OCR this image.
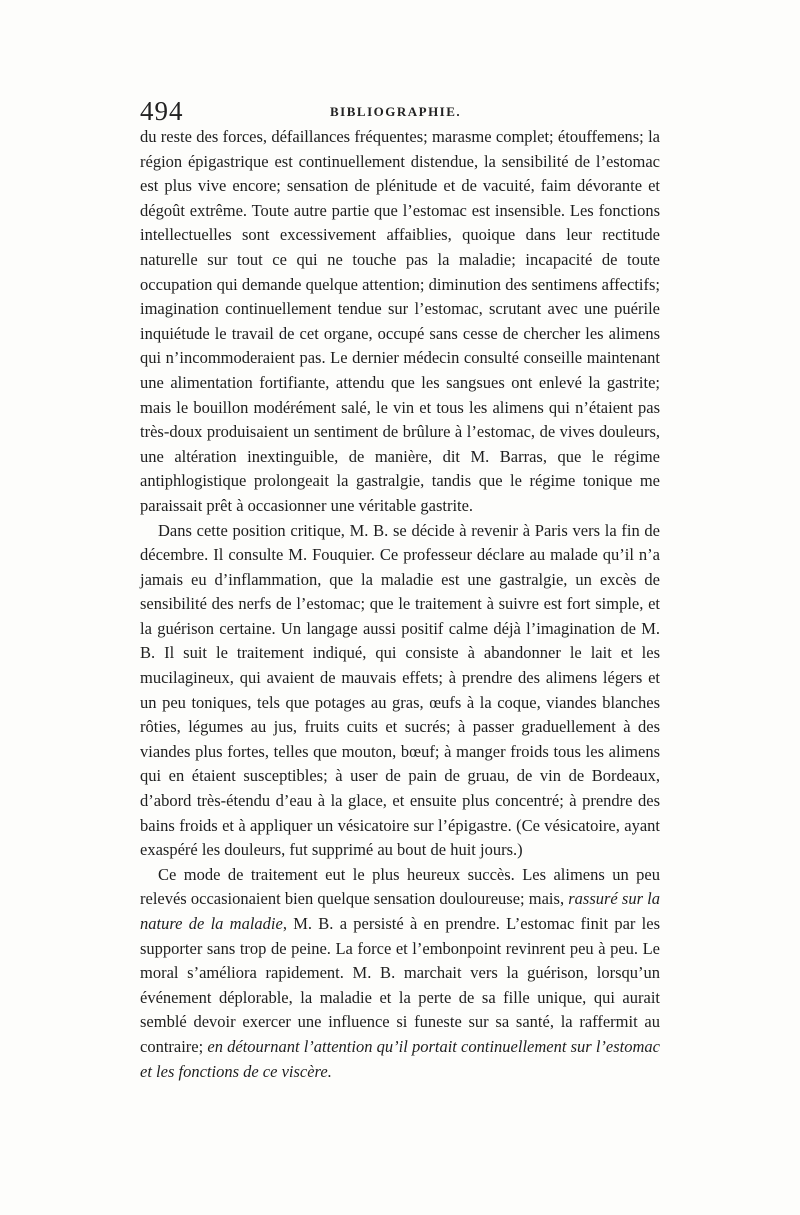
494	BIBLIOGRAPHIE.

du reste des forces, défaillances fréquentes; marasme complet; étouffemens; la région épigastrique est continuellement distendue, la sensibilité de l’estomac est plus vive encore; sensation de plénitude et de vacuité, faim dévorante et dégoût extrême. Toute autre partie que l’estomac est insensible. Les fonctions intellectuelles sont excessivement affaiblies, quoique dans leur rectitude naturelle sur tout ce qui ne touche pas la maladie; incapacité de toute occupation qui demande quelque attention; diminution des sentimens affectifs; imagination continuellement tendue sur l’estomac, scrutant avec une puérile inquiétude le travail de cet organe, occupé sans cesse de chercher les alimens qui n’incommoderaient pas. Le dernier médecin consulté conseille maintenant une alimentation fortifiante, attendu que les sangsues ont enlevé la gastrite; mais le bouillon modérément salé, le vin et tous les alimens qui n’étaient pas très-doux produisaient un sentiment de brûlure à l’estomac, de vives douleurs, une altération inextinguible, de manière, dit M. Barras, que le régime antiphlogistique prolongeait la gastralgie, tandis que le régime tonique me paraissait prêt à occasionner une véritable gastrite.

Dans cette position critique, M. B. se décide à revenir à Paris vers la fin de décembre. Il consulte M. Fouquier. Ce professeur déclare au malade qu’il n’a jamais eu d’inflammation, que la maladie est une gastralgie, un excès de sensibilité des nerfs de l’estomac; que le traitement à suivre est fort simple, et la guérison certaine. Un langage aussi positif calme déjà l’imagination de M. B. Il suit le traitement indiqué, qui consiste à abandonner le lait et les mucilagineux, qui avaient de mauvais effets; à prendre des alimens légers et un peu toniques, tels que potages au gras, œufs à la coque, viandes blanches rôties, légumes au jus, fruits cuits et sucrés; à passer graduellement à des viandes plus fortes, telles que mouton, bœuf; à manger froids tous les alimens qui en étaient susceptibles; à user de pain de gruau, de vin de Bordeaux, d’abord très-étendu d’eau à la glace, et ensuite plus concentré; à prendre des bains froids et à appliquer un vésicatoire sur l’épigastre. (Ce vésicatoire, ayant exaspéré les douleurs, fut supprimé au bout de huit jours.)

Ce mode de traitement eut le plus heureux succès. Les alimens un peu relevés occasionaient bien quelque sensation douloureuse; mais, rassuré sur la nature de la maladie, M. B. a persisté à en prendre. L’estomac finit par les supporter sans trop de peine. La force et l’embonpoint revinrent peu à peu. Le moral s’améliora rapidement. M. B. marchait vers la guérison, lorsqu’un événement déplorable, la maladie et la perte de sa fille unique, qui aurait semblé devoir exercer une influence si funeste sur sa santé, la raffermit au contraire; en détournant l’attention qu’il portait continuellement sur l’estomac et les fonctions de ce viscère.
